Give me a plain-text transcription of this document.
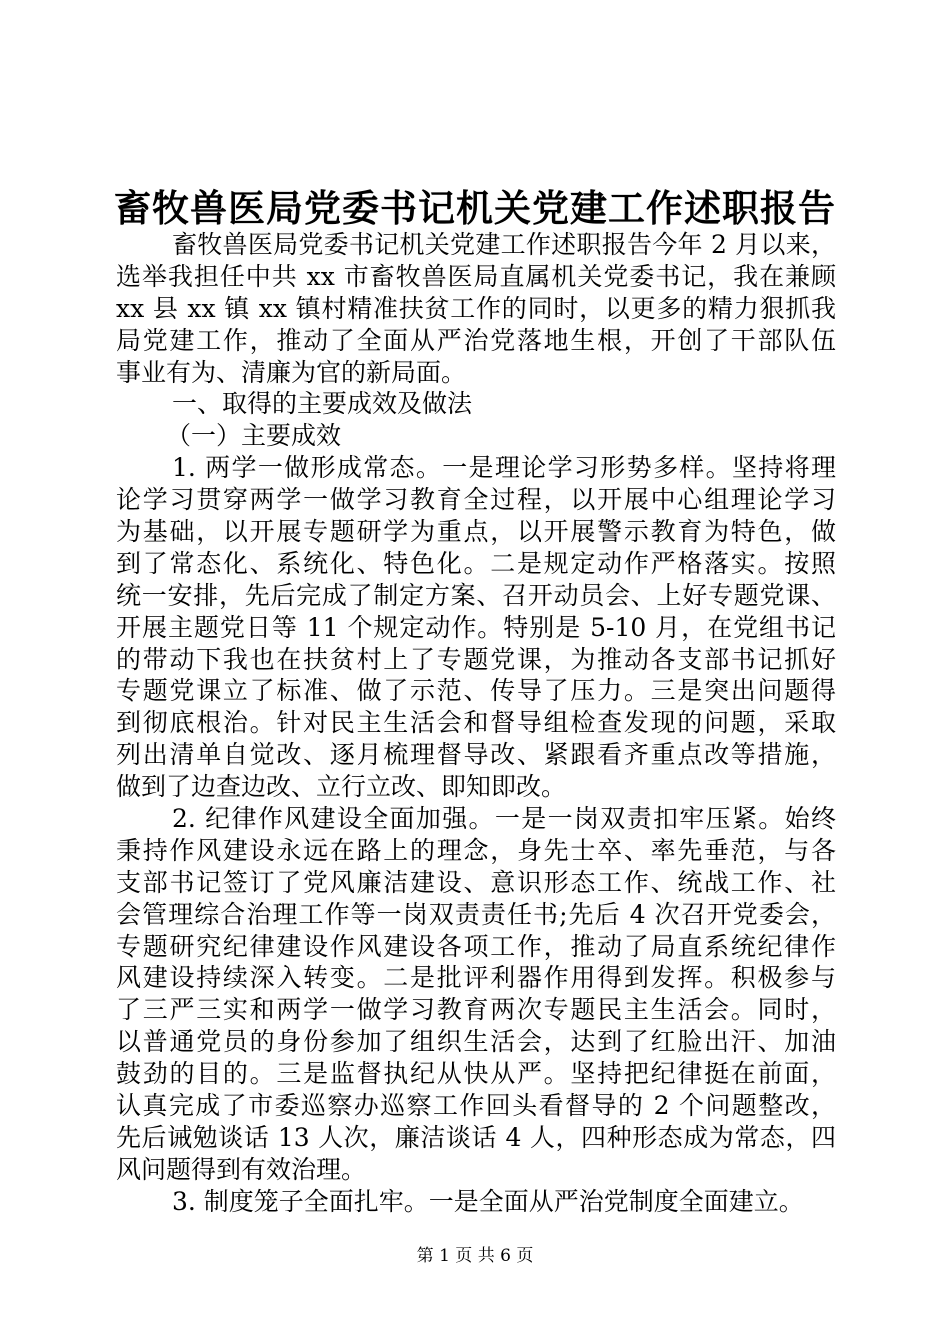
畜牧兽医局党委书记机关党建工作述职报告
畜牧兽医局党委书记机关党建工作述职报告今年 2 月以来，
选举我担任中共 xx 市畜牧兽医局直属机关党委书记，我在兼顾
xx 县 xx 镇 xx 镇村精准扶贫工作的同时，以更多的精力狠抓我
局党建工作，推动了全面从严治党落地生根，开创了干部队伍
事业有为、清廉为官的新局面。
一、取得的主要成效及做法
（一）主要成效
1. 两学一做形成常态。一是理论学习形势多样。坚持将理
论学习贯穿两学一做学习教育全过程，以开展中心组理论学习
为基础，以开展专题研学为重点，以开展警示教育为特色，做
到了常态化、系统化、特色化。二是规定动作严格落实。按照
统一安排，先后完成了制定方案、召开动员会、上好专题党课、
开展主题党日等 11 个规定动作。特别是 5-10 月，在党组书记
的带动下我也在扶贫村上了专题党课，为推动各支部书记抓好
专题党课立了标准、做了示范、传导了压力。三是突出问题得
到彻底根治。针对民主生活会和督导组检查发现的问题，采取
列出清单自觉改、逐月梳理督导改、紧跟看齐重点改等措施，
做到了边查边改、立行立改、即知即改。
2. 纪律作风建设全面加强。一是一岗双责扣牢压紧。始终
秉持作风建设永远在路上的理念，身先士卒、率先垂范，与各
支部书记签订了党风廉洁建设、意识形态工作、统战工作、社
会管理综合治理工作等一岗双责责任书;先后 4 次召开党委会，
专题研究纪律建设作风建设各项工作，推动了局直系统纪律作
风建设持续深入转变。二是批评利器作用得到发挥。积极参与
了三严三实和两学一做学习教育两次专题民主生活会。同时，
以普通党员的身份参加了组织生活会，达到了红脸出汗、加油
鼓劲的目的。三是监督执纪从快从严。坚持把纪律挺在前面，
认真完成了市委巡察办巡察工作回头看督导的 2 个问题整改，
先后诫勉谈话 13 人次，廉洁谈话 4 人，四种形态成为常态，四
风问题得到有效治理。
3. 制度笼子全面扎牢。一是全面从严治党制度全面建立。
第 1 页 共 6 页
